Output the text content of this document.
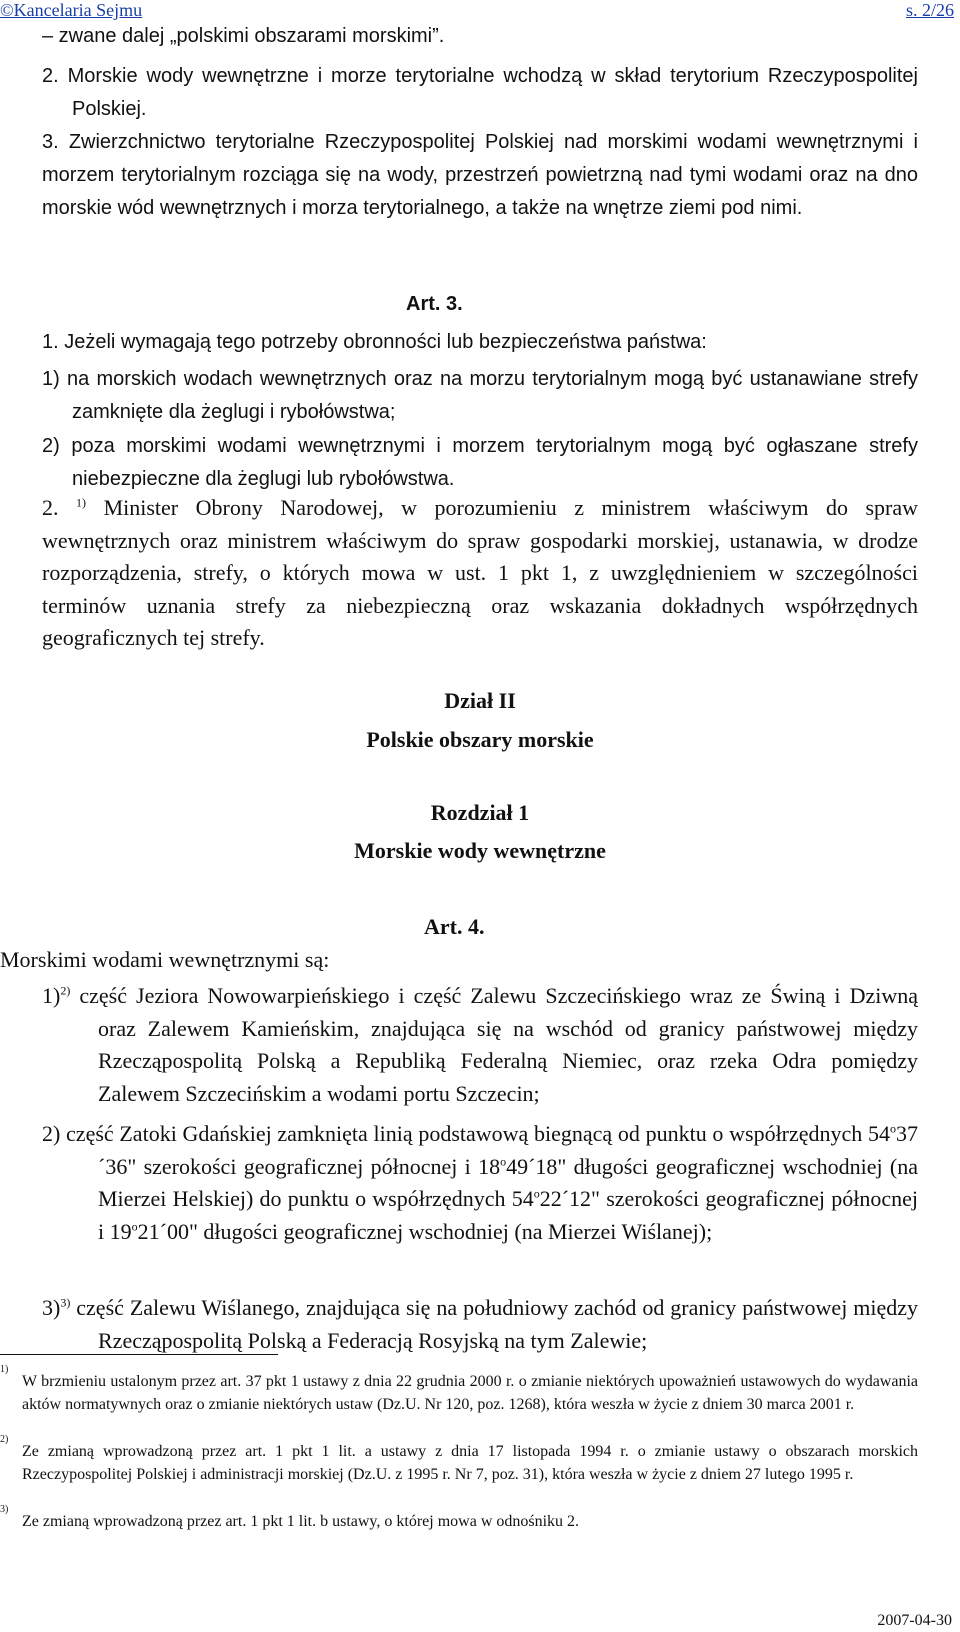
©Kancelaria Sejmu	s. 2/26

– zwane dalej „polskimi obszarami morskimi”.

2. Morskie wody wewnętrzne i morze terytorialne wchodzą w skład terytorium Rzeczypospolitej Polskiej.

3. Zwierzchnictwo terytorialne Rzeczypospolitej Polskiej nad morskimi wodami wewnętrznymi i morzem terytorialnym rozciąga się na wody, przestrzeń powietrzną nad tymi wodami oraz na dno morskie wód wewnętrznych i morza terytorialnego, a także na wnętrze ziemi pod nimi.

Art. 3.

1. Jeżeli wymagają tego potrzeby obronności lub bezpieczeństwa państwa:

1) na morskich wodach wewnętrznych oraz na morzu terytorialnym mogą być ustanawiane strefy zamknięte dla żeglugi i rybołówstwa;

2) poza morskimi wodami wewnętrznymi i morzem terytorialnym mogą być ogłaszane strefy niebezpieczne dla żeglugi lub rybołówstwa.

2. $^{1)}$ Minister Obrony Narodowej, w porozumieniu z ministrem właściwym do spraw wewnętrznych oraz ministrem właściwym do spraw gospodarki morskiej, ustanawia, w drodze rozporządzenia, strefy, o których mowa w ust. 1 pkt 1, z uwzględnieniem w szczególności terminów uznania strefy za niebezpieczną oraz wskazania dokładnych współrzędnych geograficznych tej strefy.

Dział II
Polskie obszary morskie
Rozdział 1
Morskie wody wewnętrzne
Art. 4.

Morskimi wodami wewnętrznymi są:

1)$^{2)}$ część Jeziora Nowowarpieńskiego i część Zalewu Szczecińskiego wraz ze Świną i Dziwną oraz Zalewem Kamieńskim, znajdująca się na wschód od granicy państwowej między Rzecząpospolitą Polską a Republiką Federalną Niemiec, oraz rzeka Odra pomiędzy Zalewem Szczecińskim a wodami portu Szczecin;

2) część Zatoki Gdańskiej zamknięta linią podstawową biegnącą od punktu o współrzędnych 54$^o$37´36" szerokości geograficznej północnej i 18$^o$49´18" długości geograficznej wschodniej (na Mierzei Helskiej) do punktu o współrzędnych 54$^o$22´12" szerokości geograficznej północnej i 19$^o$21´00" długości geograficznej wschodniej (na Mierzei Wiślanej);

3)$^{3)}$ część Zalewu Wiślanego, znajdująca się na południowy zachód od granicy państwowej między Rzecząpospolitą Polską a Federacją Rosyjską na tym Zalewie;

1)
W brzmieniu ustalonym przez art. 37 pkt 1 ustawy z dnia 22 grudnia 2000 r. o zmianie niektórych upoważnień ustawowych do wydawania aktów normatywnych oraz o zmianie niektórych ustaw (Dz.U. Nr 120, poz. 1268), która weszła w życie z dniem 30 marca 2001 r.
2)
Ze zmianą wprowadzoną przez art. 1 pkt 1 lit. a ustawy z dnia 17 listopada 1994 r. o zmianie ustawy o obszarach morskich Rzeczypospolitej Polskiej i administracji morskiej (Dz.U. z 1995 r. Nr 7, poz. 31), która weszła w życie z dniem 27 lutego 1995 r.
3)
Ze zmianą wprowadzoną przez art. 1 pkt 1 lit. b ustawy, o której mowa w odnośniku 2.
2007-04-30
